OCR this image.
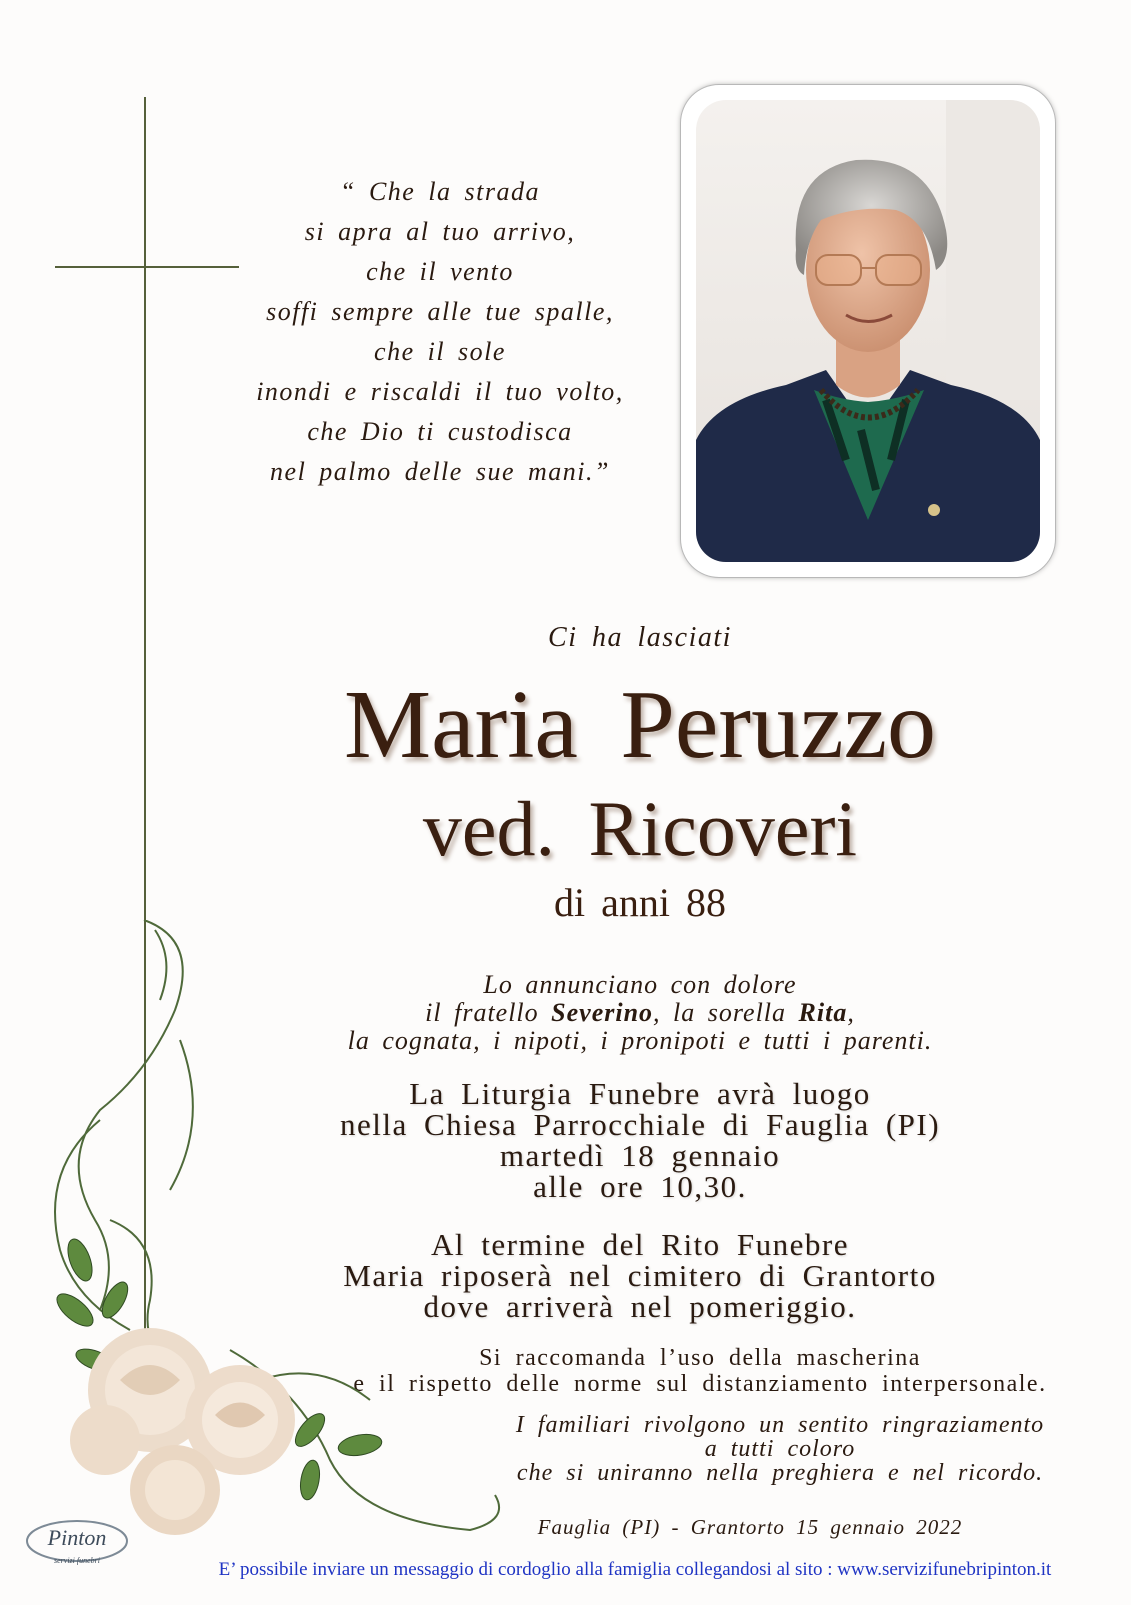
“ Che la strada
si apra al tuo arrivo,
che il vento
soffi sempre alle tue spalle,
che il sole
inondi e riscaldi il tuo volto,
che Dio ti custodisca
nel palmo delle sue mani.”
Ci ha lasciati
Maria Peruzzo
ved. Ricoveri
di anni 88
Lo annunciano con dolore
il fratello Severino, la sorella Rita,
la cognata, i nipoti, i pronipoti e tutti i parenti.
La Liturgia Funebre avrà luogo
nella Chiesa Parrocchiale di Fauglia (PI)
martedì 18 gennaio
alle ore 10,30.
Al termine del Rito Funebre
Maria riposerà nel cimitero di Grantorto
dove arriverà nel pomeriggio.
Si raccomanda l’uso della mascherina
e il rispetto delle norme sul distanziamento interpersonale.
I familiari rivolgono un sentito ringraziamento
a tutti coloro
che si uniranno nella preghiera e nel ricordo.
Fauglia (PI) - Grantorto 15 gennaio 2022
Pinton
servizi funebri	E’ possibile inviare un messaggio di cordoglio alla famiglia collegandosi al sito : www.servizifunebripinton.it
